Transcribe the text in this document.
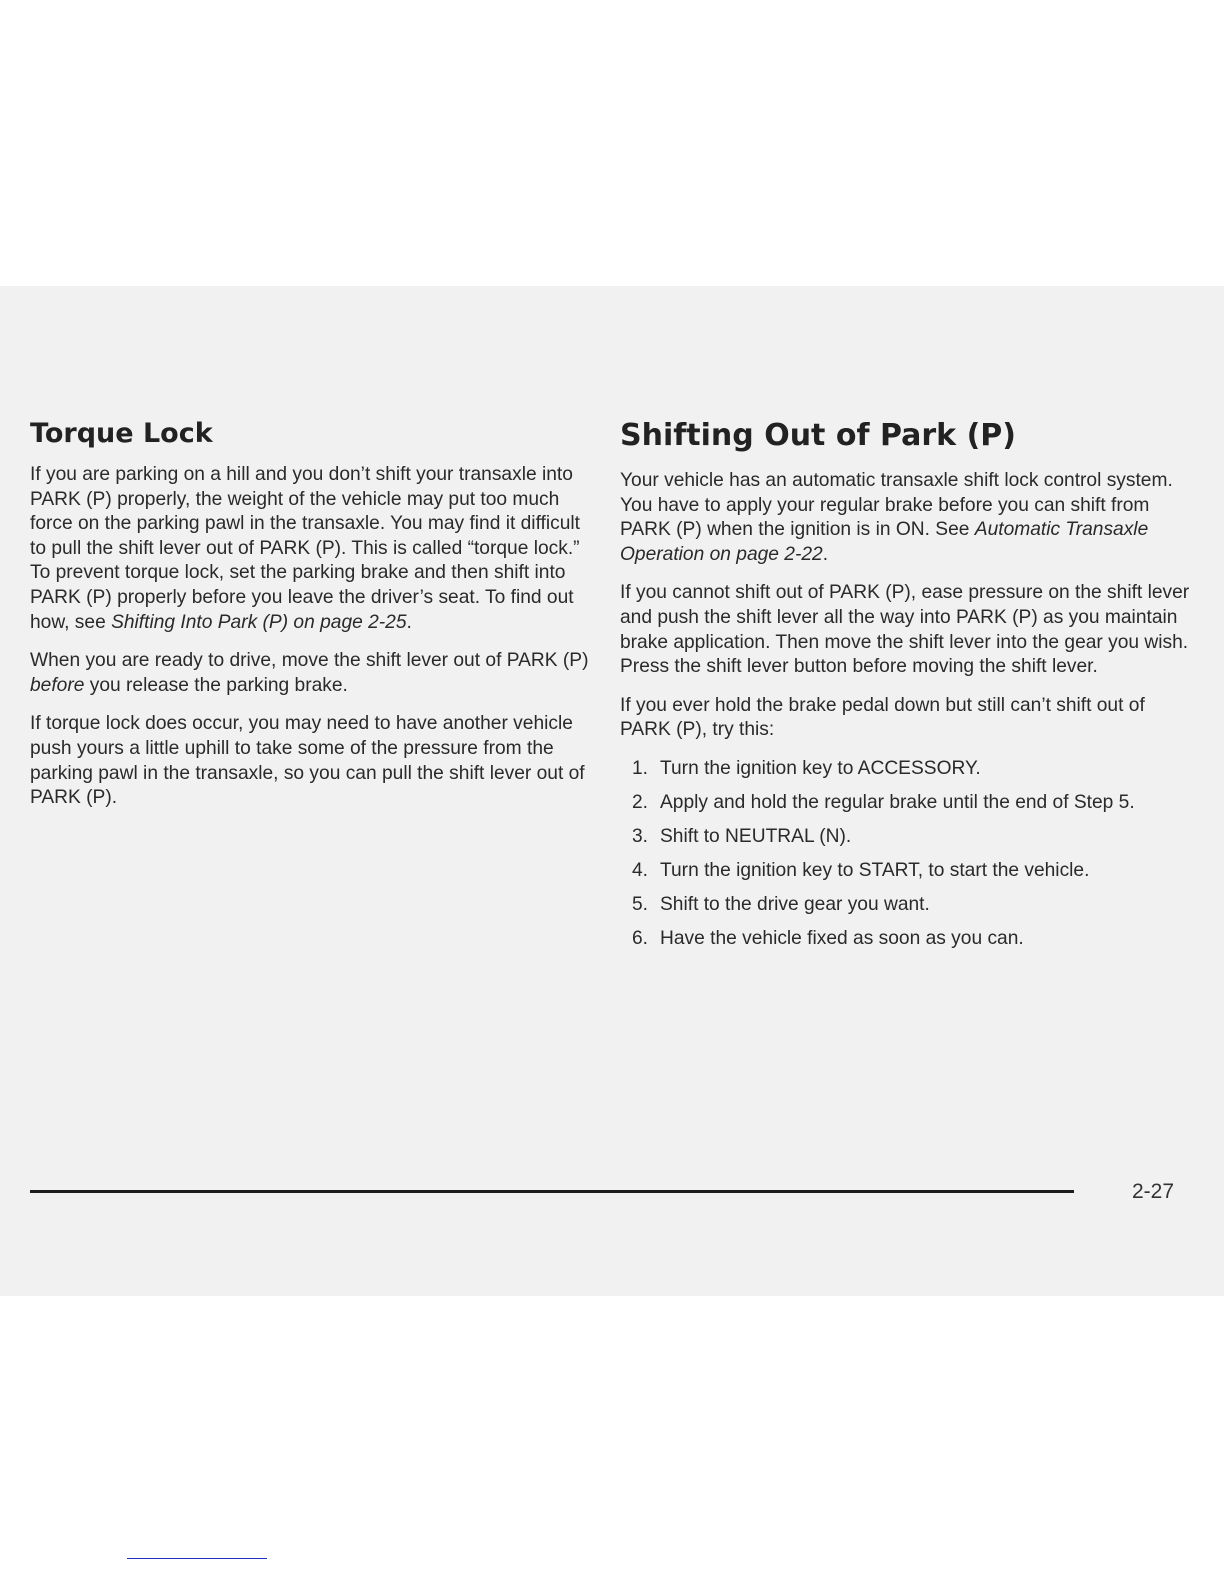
Torque Lock

If you are parking on a hill and you don’t shift your transaxle into PARK (P) properly, the weight of the vehicle may put too much force on the parking pawl in the transaxle. You may find it difficult to pull the shift lever out of PARK (P). This is called “torque lock.” To prevent torque lock, set the parking brake and then shift into PARK (P) properly before you leave the driver’s seat. To find out how, see Shifting Into Park (P) on page 2-25.

When you are ready to drive, move the shift lever out of PARK (P) before you release the parking brake.

If torque lock does occur, you may need to have another vehicle push yours a little uphill to take some of the pressure from the parking pawl in the transaxle, so you can pull the shift lever out of PARK (P).

Shifting Out of Park (P)

Your vehicle has an automatic transaxle shift lock control system. You have to apply your regular brake before you can shift from PARK (P) when the ignition is in ON. See Automatic Transaxle Operation on page 2-22.

If you cannot shift out of PARK (P), ease pressure on the shift lever and push the shift lever all the way into PARK (P) as you maintain brake application. Then move the shift lever into the gear you wish. Press the shift lever button before moving the shift lever.

If you ever hold the brake pedal down but still can’t shift out of PARK (P), try this:

1. Turn the ignition key to ACCESSORY.
2. Apply and hold the regular brake until the end of Step 5.
3. Shift to NEUTRAL (N).
4. Turn the ignition key to START, to start the vehicle.
5. Shift to the drive gear you want.
6. Have the vehicle fixed as soon as you can.
2-27
